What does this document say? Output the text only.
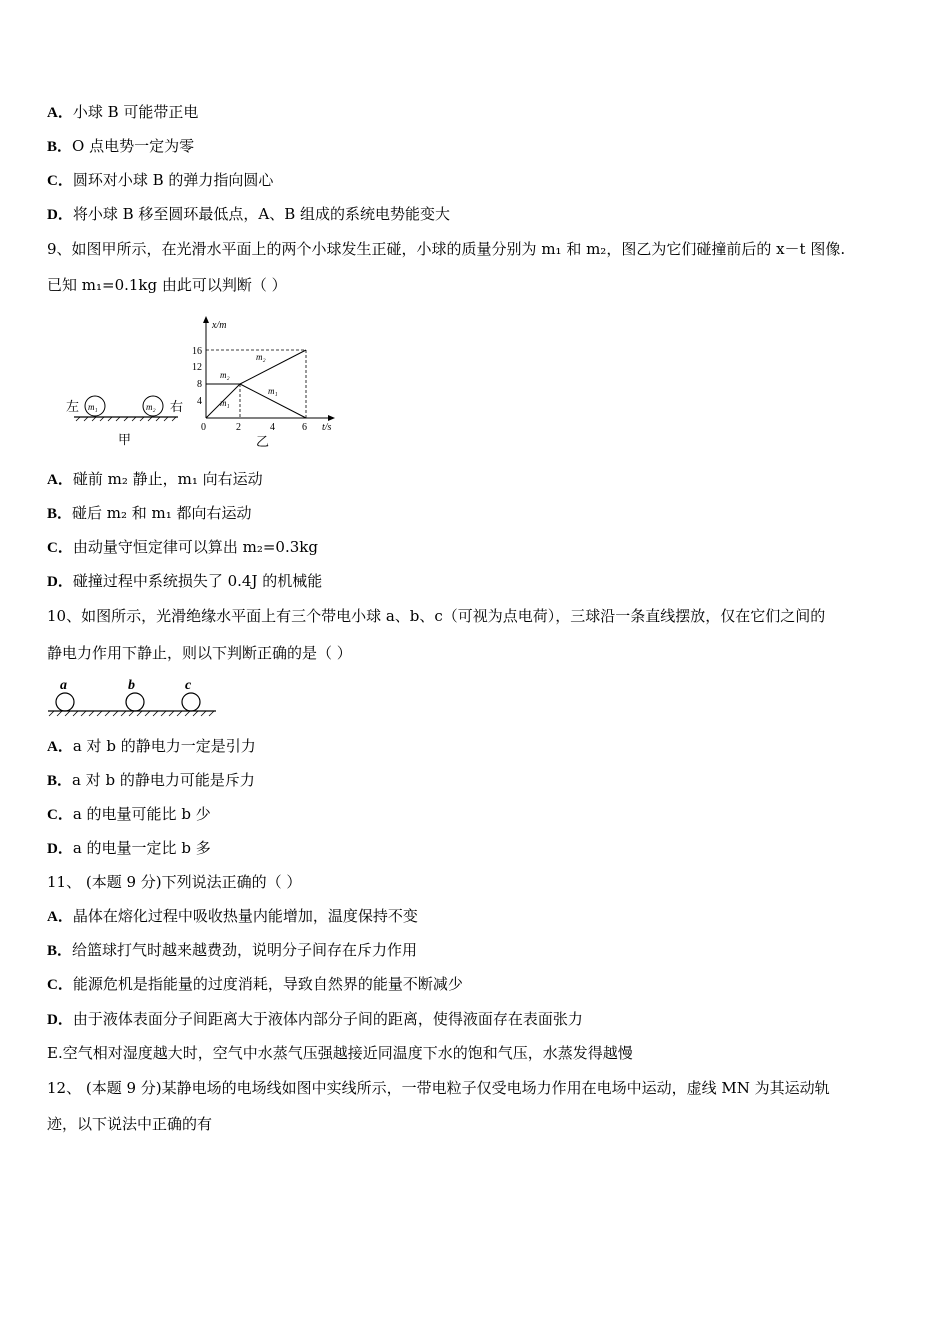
A．小球 B 可能带正电
B．O 点电势一定为零
C．圆环对小球 B 的弹力指向圆心
D．将小球 B 移至圆环最低点，A、B 组成的系统电势能变大
9、如图甲所示，在光滑水平面上的两个小球发生正碰，小球的质量分别为 m₁ 和 m₂，图乙为它们碰撞前后的 x－t 图像.
已知 m₁=0.1kg 由此可以判断（ ）
左 m₁	m₂ 右
甲
x/m
t/s
16
12
8
4
0	2	4	6
m₂
m₁
m₂
m₁
乙
A．碰前 m₂ 静止，m₁ 向右运动
B．碰后 m₂ 和 m₁ 都向右运动
C．由动量守恒定律可以算出 m₂=0.3kg
D．碰撞过程中系统损失了 0.4J 的机械能
10、如图所示，光滑绝缘水平面上有三个带电小球 a、b、c（可视为点电荷），三球沿一条直线摆放，仅在它们之间的
静电力作用下静止，则以下判断正确的是（ ）
a	b	c
A．a 对 b 的静电力一定是引力
B．a 对 b 的静电力可能是斥力
C．a 的电量可能比 b 少
D．a 的电量一定比 b 多
11、 (本题 9 分)下列说法正确的（ ）
A．晶体在熔化过程中吸收热量内能增加，温度保持不变
B．给篮球打气时越来越费劲，说明分子间存在斥力作用
C．能源危机是指能量的过度消耗，导致自然界的能量不断减少
D．由于液体表面分子间距离大于液体内部分子间的距离，使得液面存在表面张力
E.空气相对湿度越大时，空气中水蒸气压强越接近同温度下水的饱和气压，水蒸发得越慢
12、 (本题 9 分)某静电场的电场线如图中实线所示，一带电粒子仅受电场力作用在电场中运动，虚线 MN 为其运动轨
迹，以下说法中正确的有
